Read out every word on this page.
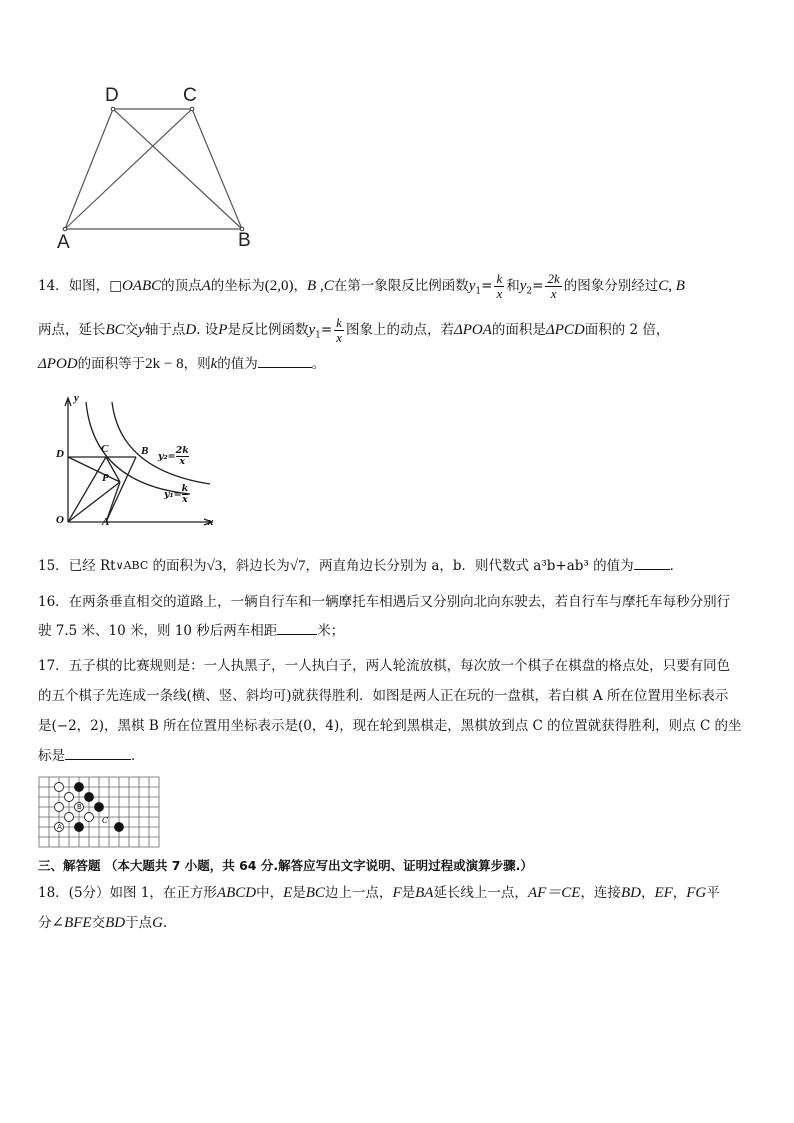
D	C
A	B
14．如图，□OABC的顶点A的坐标为(2,0)，B ,C在第一象限反比例函数$y_1= \frac{k}{x}$ 和$y_2= \frac{2k}{x}$ 的图象分别经过C, B
两点，延长BC交y轴于点D. 设P是反比例函数$y_1= \frac{k}{x}$ 图象上的动点，若ΔPOA的面积是ΔPCD面积的 2 倍，
ΔPOD的面积等于2k − 8，则k的值为	。
y
D	C	B
P
O	A	x
$y_2= \frac{2k}{x}$
$y_1= \frac{k}{x}$
15．已经 Rt∨ABC 的面积为√3，斜边长为√7，两直角边长分别为 a，b．则代数式 a³b+ab³ 的值为	．
16．在两条垂直相交的道路上，一辆自行车和一辆摩托车相遇后又分别向北向东驶去，若自行车与摩托车每秒分别行
驶 7.5 米、10 米，则 10 秒后两车相距	米；
17．五子棋的比赛规则是：一人执黑子，一人执白子，两人轮流放棋，每次放一个棋子在棋盘的格点处，只要有同色
的五个棋子先连成一条线(横、竖、斜均可)就获得胜利．如图是两人正在玩的一盘棋，若白棋 A 所在位置用坐标表示
是(−2，2)，黑棋 B 所在位置用坐标表示是(0，4)，现在轮到黑棋走，黑棋放到点 C 的位置就获得胜利，则点 C 的坐
标是	．
B
A
C
三、解答题 （本大题共 7 小题，共 64 分.解答应写出文字说明、证明过程或演算步骤.）
18．(5分）如图 1，在正方形ABCD中，E是BC边上一点，F是BA延长线上一点，AF＝CE，连接BD，EF，FG平
分∠BFE交BD于点G.
